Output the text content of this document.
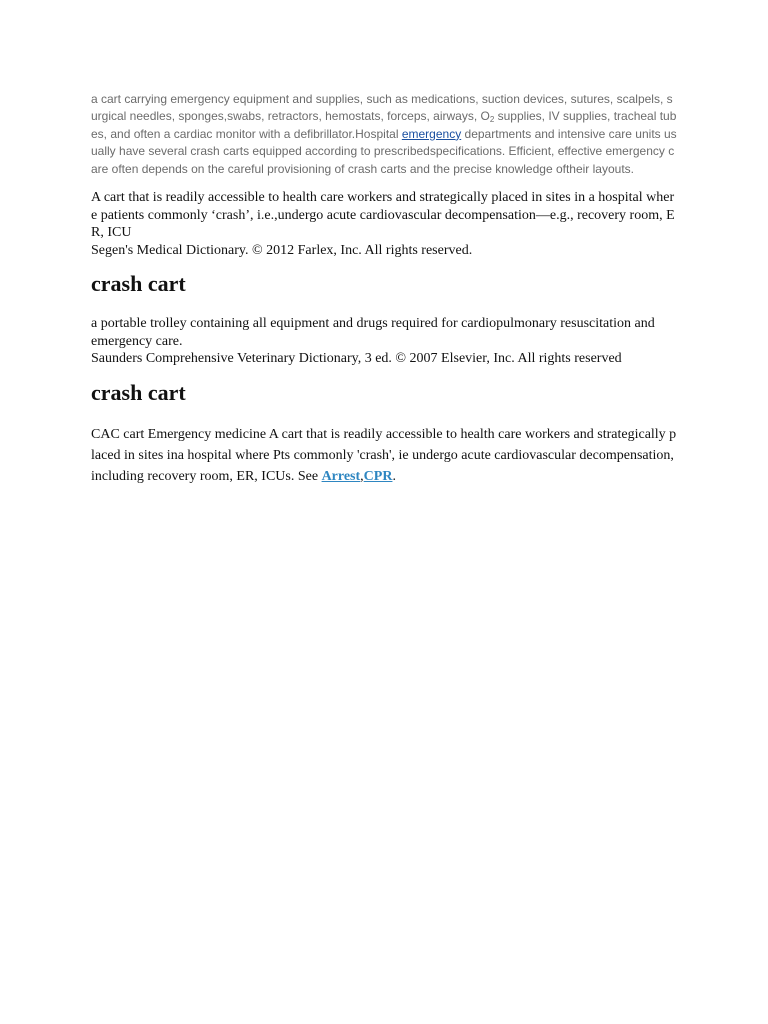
a cart carrying emergency equipment and supplies, such as medications, suction devices, sutures, scalpels, surgical needles, sponges,swabs, retractors, hemostats, forceps, airways, $O_2$ supplies, IV supplies, tracheal tubes, and often a cardiac monitor with a defibrillator.Hospital emergency departments and intensive care units usually have several crash carts equipped according to prescribedspecifications. Efficient, effective emergency care often depends on the careful provisioning of crash carts and the precise knowledge oftheir layouts.

A cart that is readily accessible to health care workers and strategically placed in sites in a hospital where patients commonly ‘crash’, i.e.,undergo acute cardiovascular decompensation—e.g., recovery room, ER, ICU

Segen's Medical Dictionary. © 2012 Farlex, Inc. All rights reserved.

crash cart

a portable trolley containing all equipment and drugs required for cardiopulmonary resuscitation and emergency care.

Saunders Comprehensive Veterinary Dictionary, 3 ed. © 2007 Elsevier, Inc. All rights reserved

crash cart

CAC cart Emergency medicine A cart that is readily accessible to health care workers and strategically placed in sites ina hospital where Pts commonly 'crash', ie undergo acute cardiovascular decompensation, including recovery room, ER, ICUs. See Arrest,CPR.
